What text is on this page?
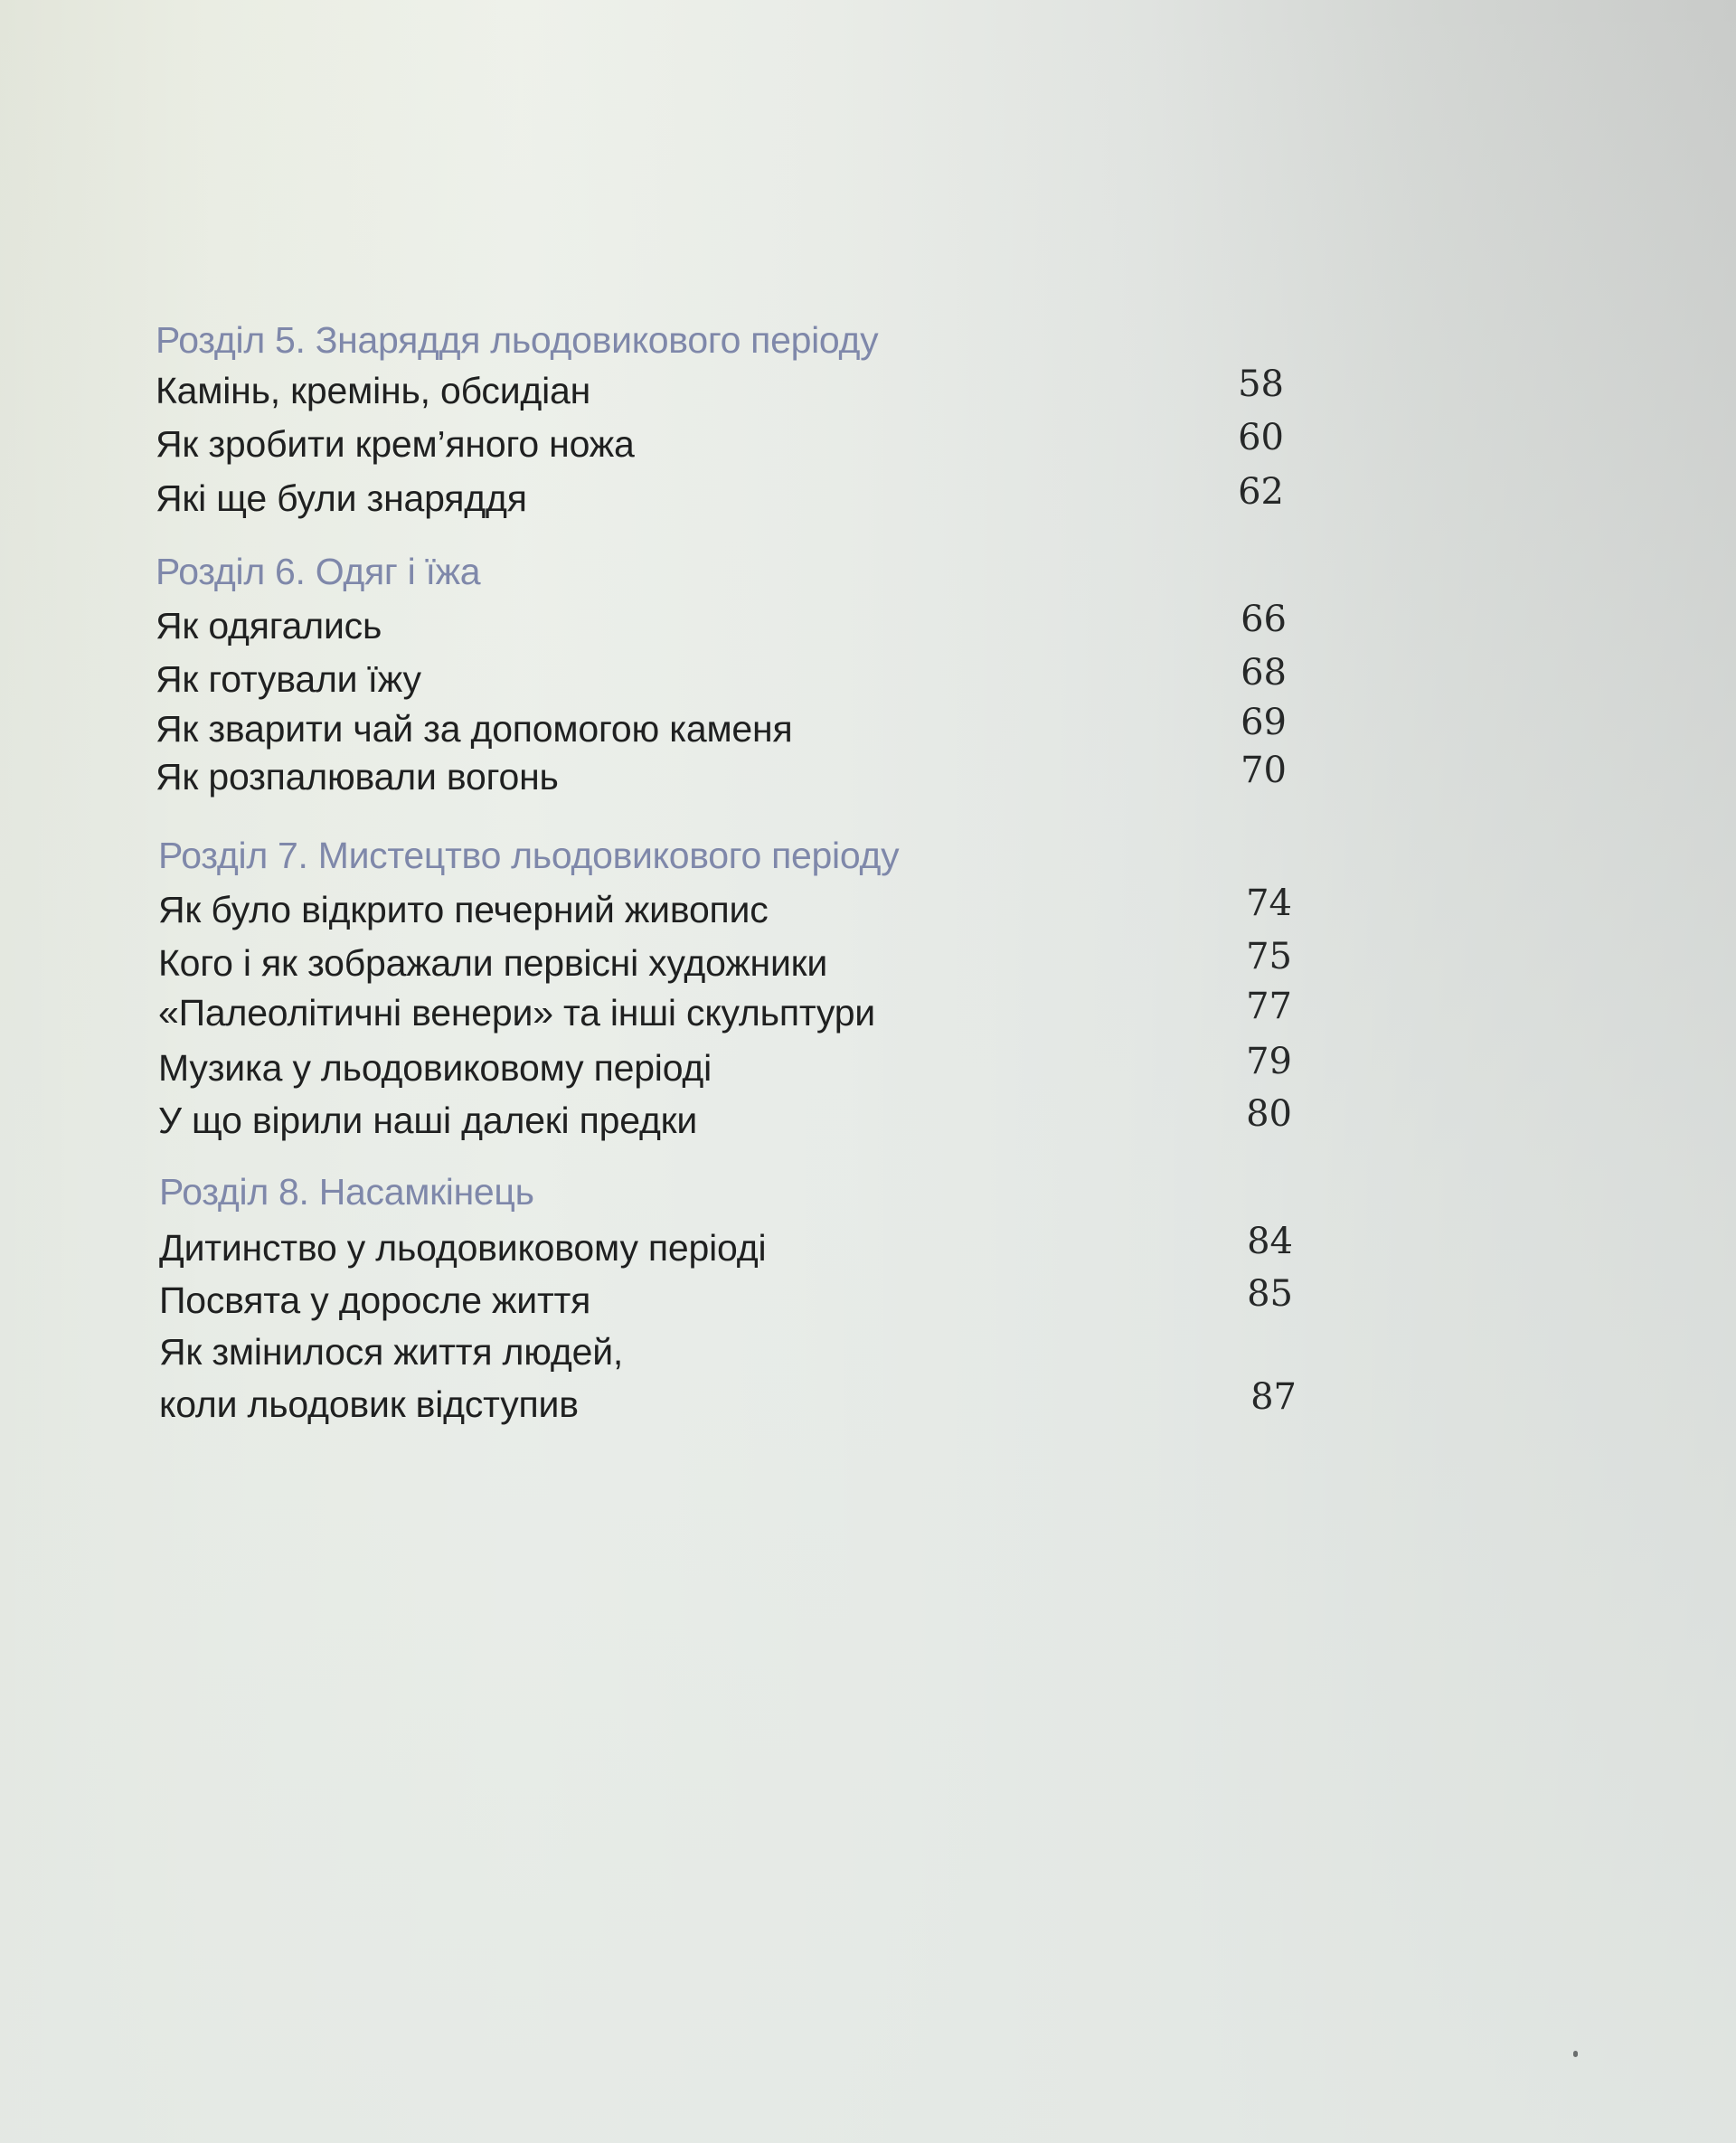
Розділ 5. Знаряддя льодовикового періоду
Камінь, кремінь, обсидіан	58
Як зробити крем’яного ножа	60
Які ще були знаряддя	62
Розділ 6. Одяг і їжа
Як одягались	66
Як готували їжу	68
Як зварити чай за допомогою каменя	69
Як розпалювали вогонь	70
Розділ 7. Мистецтво льодовикового періоду
Як було відкрито печерний живопис	74
Кого і як зображали первісні художники	75
«Палеолітичні венери» та інші скульптури	77
Музика у льодовиковому періоді	79
У що вірили наші далекі предки	80
Розділ 8. Насамкінець
Дитинство у льодовиковому періоді	84
Посвята у доросле життя	85
Як змінилося життя людей,
коли льодовик відступив	87
